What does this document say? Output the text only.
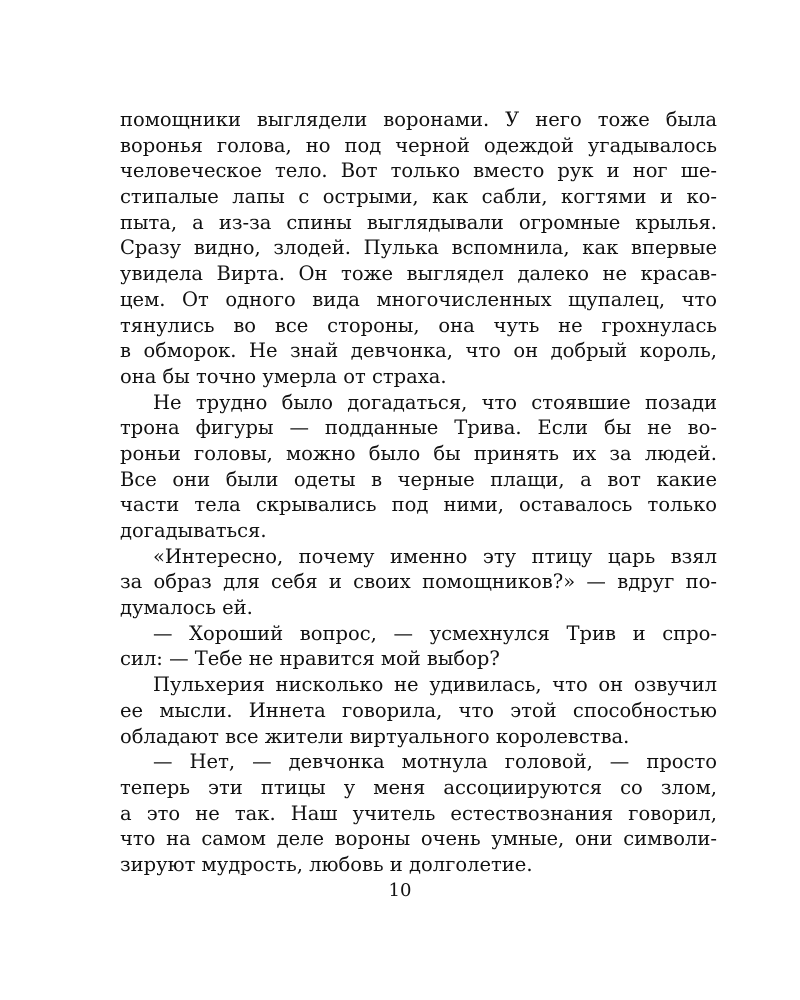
помощники выглядели воронами. У него тоже была
воронья голова, но под черной одеждой угадывалось
человеческое тело. Вот только вместо рук и ног ше-
стипалые лапы с острыми, как сабли, когтями и ко-
пыта, а из-за спины выглядывали огромные крылья.
Сразу видно, злодей. Пулька вспомнила, как впервые
увидела Вирта. Он тоже выглядел далеко не красав-
цем. От одного вида многочисленных щупалец, что
тянулись во все стороны, она чуть не грохнулась
в обморок. Не знай девчонка, что он добрый король,
она бы точно умерла от страха.
Не трудно было догадаться, что стоявшие позади
трона фигуры — подданные Трива. Если бы не во-
роньи головы, можно было бы принять их за людей.
Все они были одеты в черные плащи, а вот какие
части тела скрывались под ними, оставалось только
догадываться.
«Интересно, почему именно эту птицу царь взял
за образ для себя и своих помощников?» — вдруг по-
думалось ей.
— Хороший вопрос, — усмехнулся Трив и спро-
сил: — Тебе не нравится мой выбор?
Пульхерия нисколько не удивилась, что он озвучил
ее мысли. Иннета говорила, что этой способностью
обладают все жители виртуального королевства.
— Нет, — девчонка мотнула головой, — просто
теперь эти птицы у меня ассоциируются со злом,
а это не так. Наш учитель естествознания говорил,
что на самом деле вороны очень умные, они символи-
зируют мудрость, любовь и долголетие.
10
